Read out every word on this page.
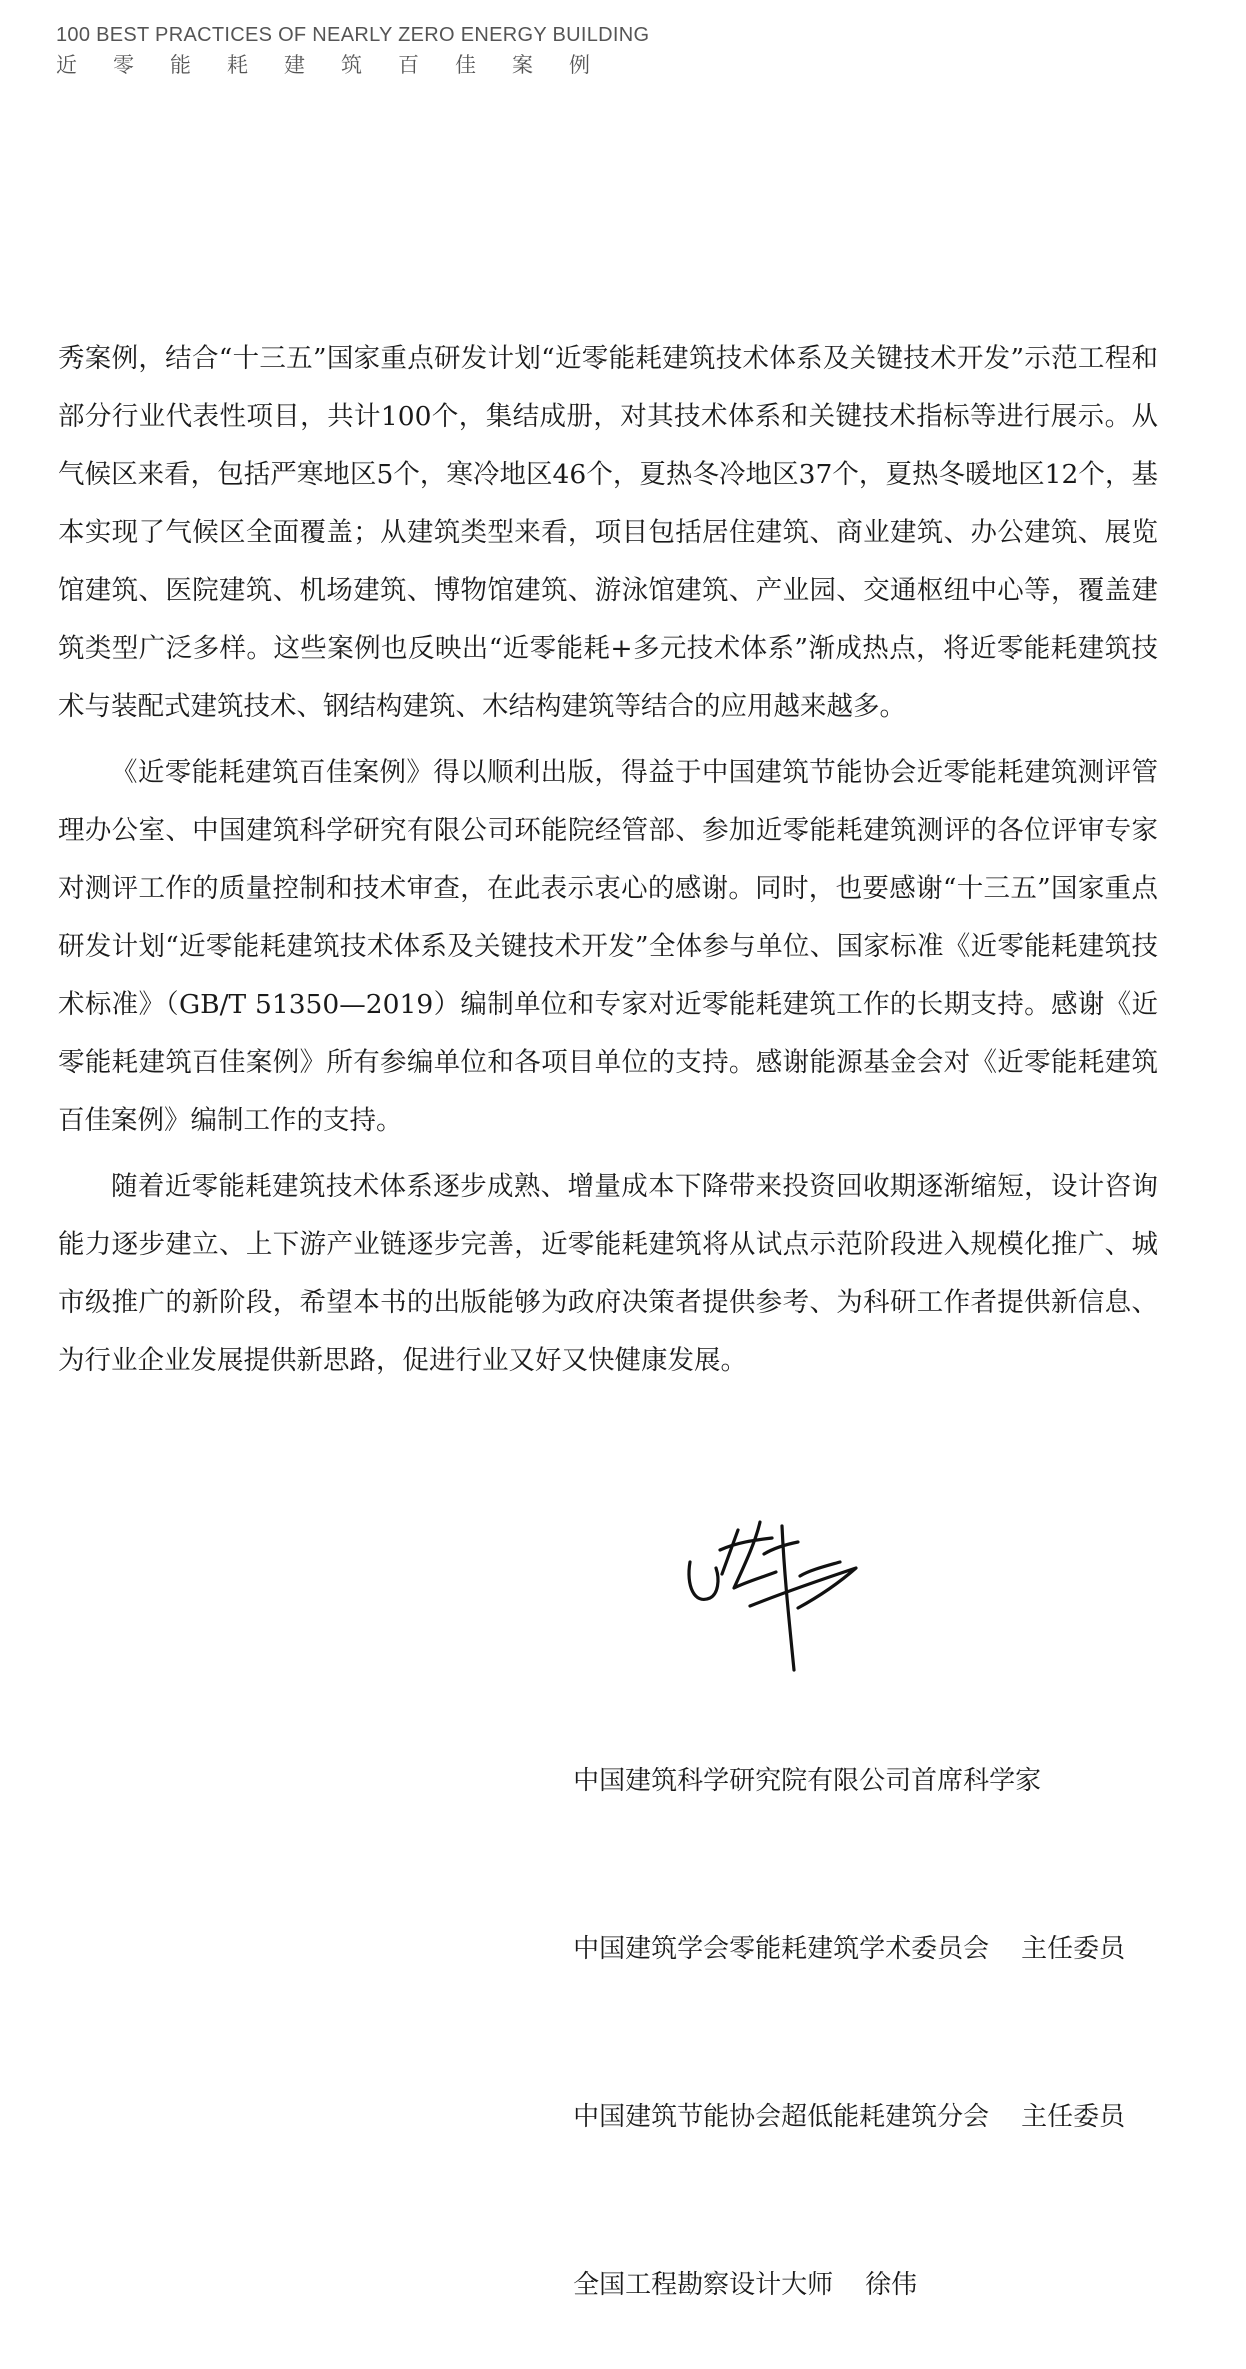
100 BEST PRACTICES OF NEARLY ZERO ENERGY BUILDING
近零能耗建筑百佳案例

秀案例，结合“十三五”国家重点研发计划“近零能耗建筑技术体系及关键技术开发”示范工程和部分行业代表性项目，共计100个，集结成册，对其技术体系和关键技术指标等进行展示。从气候区来看，包括严寒地区5个，寒冷地区46个，夏热冬冷地区37个，夏热冬暖地区12个，基本实现了气候区全面覆盖；从建筑类型来看，项目包括居住建筑、商业建筑、办公建筑、展览馆建筑、医院建筑、机场建筑、博物馆建筑、游泳馆建筑、产业园、交通枢纽中心等，覆盖建筑类型广泛多样。这些案例也反映出“近零能耗+多元技术体系”渐成热点，将近零能耗建筑技术与装配式建筑技术、钢结构建筑、木结构建筑等结合的应用越来越多。

《近零能耗建筑百佳案例》得以顺利出版，得益于中国建筑节能协会近零能耗建筑测评管理办公室、中国建筑科学研究有限公司环能院经管部、参加近零能耗建筑测评的各位评审专家对测评工作的质量控制和技术审查，在此表示衷心的感谢。同时，也要感谢“十三五”国家重点研发计划“近零能耗建筑技术体系及关键技术开发”全体参与单位、国家标准《近零能耗建筑技术标准》（GB/T 51350—2019）编制单位和专家对近零能耗建筑工作的长期支持。感谢《近零能耗建筑百佳案例》所有参编单位和各项目单位的支持。感谢能源基金会对《近零能耗建筑百佳案例》编制工作的支持。

随着近零能耗建筑技术体系逐步成熟、增量成本下降带来投资回收期逐渐缩短，设计咨询能力逐步建立、上下游产业链逐步完善，近零能耗建筑将从试点示范阶段进入规模化推广、城市级推广的新阶段，希望本书的出版能够为政府决策者提供参考、为科研工作者提供新信息、为行业企业发展提供新思路，促进行业又好又快健康发展。

中国建筑科学研究院有限公司首席科学家

中国建筑学会零能耗建筑学术委员会 主任委员

中国建筑节能协会超低能耗建筑分会 主任委员

全国工程勘察设计大师 徐伟
